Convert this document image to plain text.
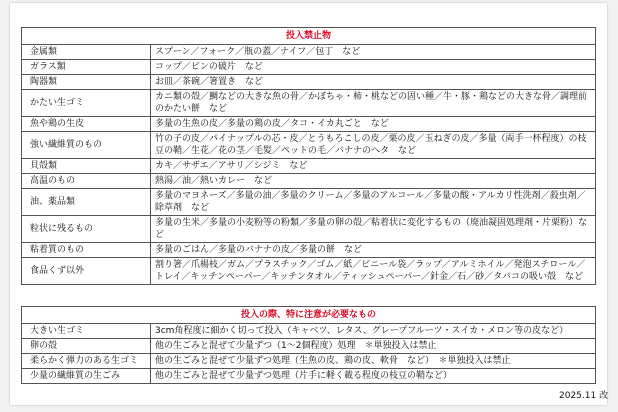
投入禁止物	
金属類	スプーン／フォーク／瓶の蓋／ナイフ／包丁　など
ガラス類	コップ／ビンの破片　など
陶器類	お皿／茶碗／箸置き　など
かたい生ゴミ	カニ類の殻／鯛などの大きな魚の骨／かぼちゃ・柿・桃などの固い種／牛・豚・鶏などの大きな骨／調理前のかたい餅　など
魚や鶏の生皮	多量の生魚の皮／多量の鶏の皮／タコ・イカ丸ごと　など
強い繊維質のもの	竹の子の皮／パイナップルの芯・皮／とうもろこしの皮／栗の皮／玉ねぎの皮／多量（両手一杯程度）の枝豆の鞘／生花／花の茎／毛髪／ペットの毛／バナナのヘタ　など
貝殻類	カキ／サザエ／アサリ／シジミ　など
高温のもの	熱湯／油／熱いカレー　など
油、薬品類	多量のマヨネーズ／多量の油／多量のクリーム／多量のアルコール／多量の酸・アルカリ性洗剤／殺虫剤／除草剤　など
粒状に残るもの	多量の生米／多量の小麦粉等の粉類／多量の卵の殻／粘着状に変化するもの（廃油凝固処理剤・片栗粉）など
粘着質のもの	多量のごはん／多量のバナナの皮／多量の餅　など
食品くず以外	割り箸／爪楊枝／ガム／プラスチック／ゴム／紙／ビニール袋／ラップ／アルミホイル／発泡スチロール／トレイ／キッチンペーパー／キッチンタオル／ティッシュペーパー／針金／石／砂／タバコの吸い殻　など
投入の際、特に注意が必要なもの	
大きい生ゴミ	3cm角程度に細かく切って投入（キャベツ、レタス、グレープフルーツ・スイカ・メロン等の皮など）
卵の殻	他の生ごみと混ぜて少量ずつ（1～2個程度）処理　＊単独投入は禁止
柔らかく弾力のある生ゴミ	他の生ごみと混ぜて少量ずつ処理（生魚の皮、鶏の皮、軟骨　など）　＊単独投入は禁止
少量の繊維質の生ごみ	他の生ごみと混ぜて少量ずつ処理（片手に軽く載る程度の枝豆の鞘など）
2025.11 改
